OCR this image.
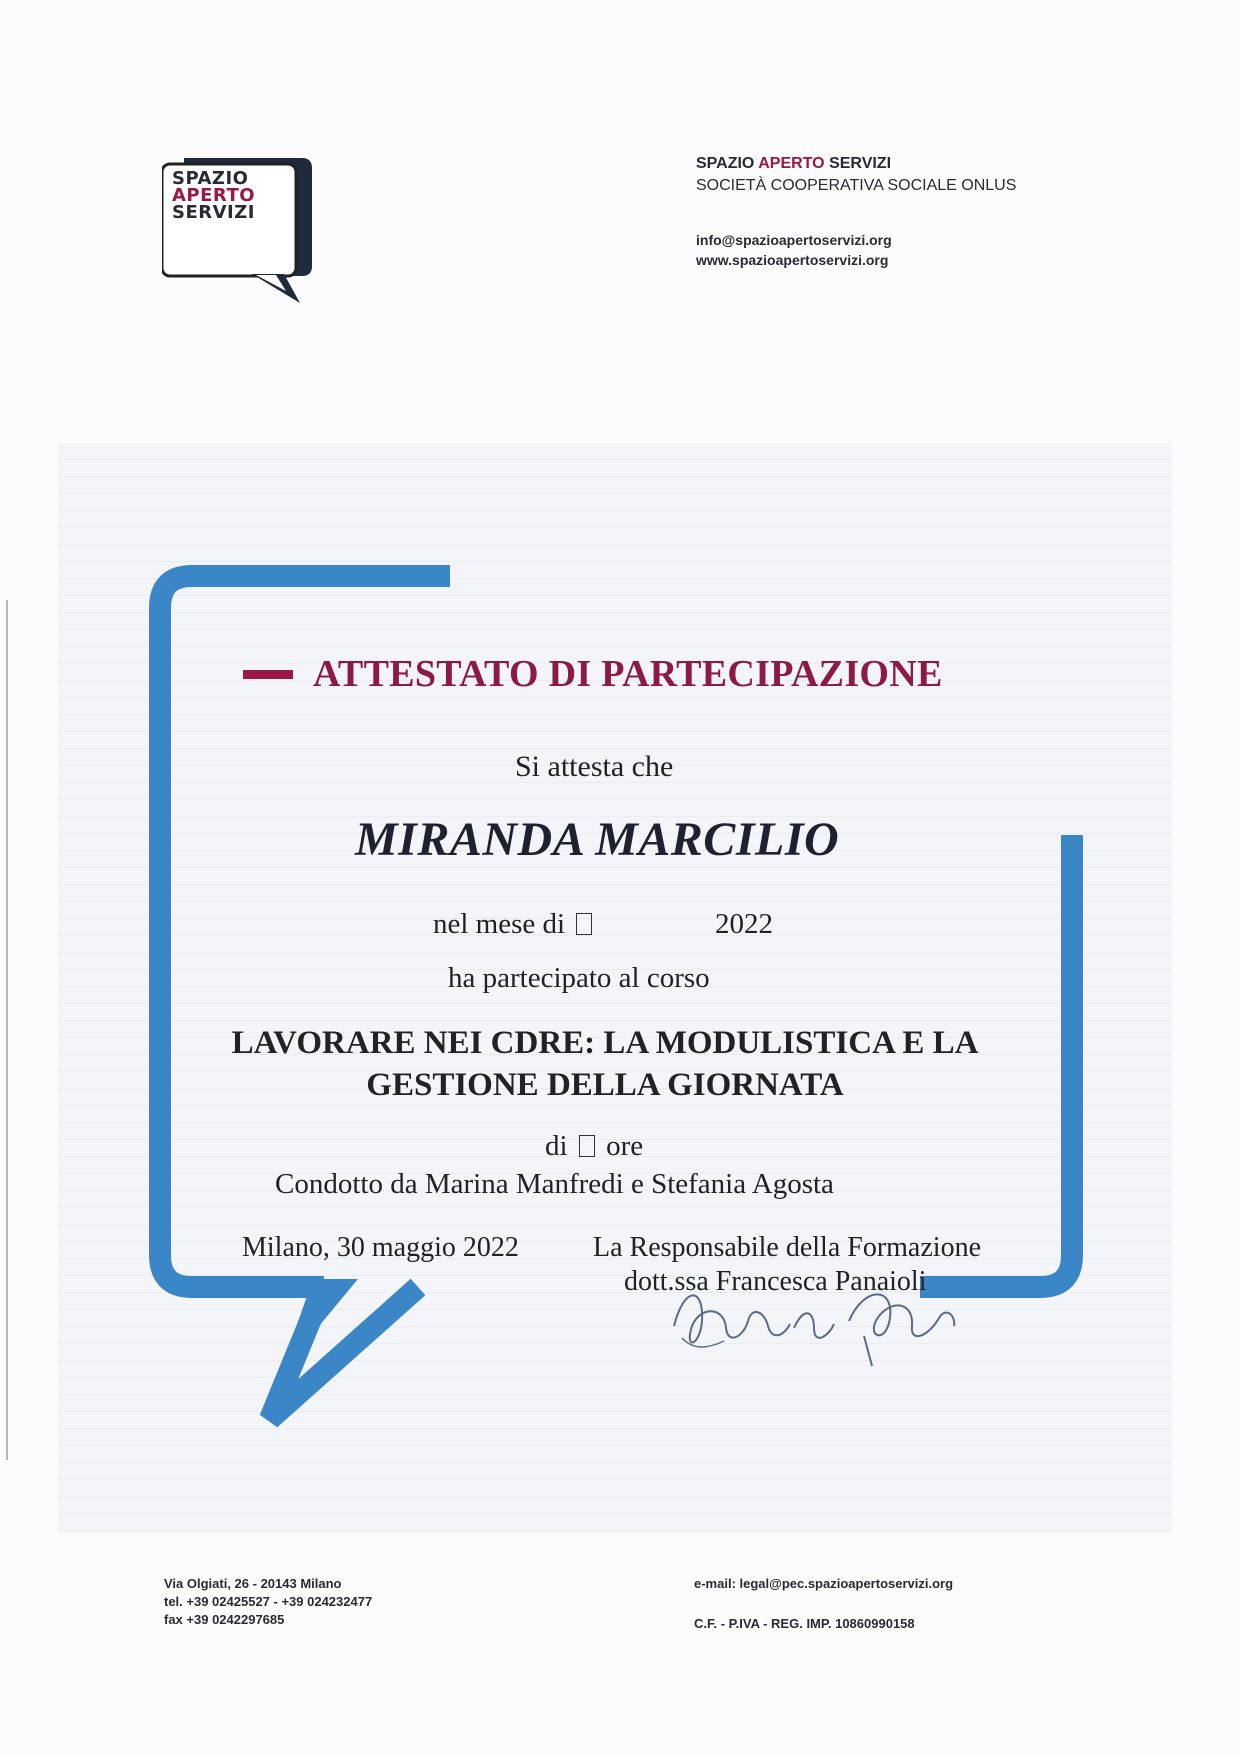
SPAZIO
APERTO
SERVIZI
SPAZIO APERTO SERVIZI
SOCIETÀ COOPERATIVA SOCIALE ONLUS
info@spazioapertoservizi.org
www.spazioapertoservizi.org
ATTESTATO DI PARTECIPAZIONE
Si attesta che
MIRANDA MARCILIO
nel mese di	2022
ha partecipato al corso
LAVORARE NEI CDRE: LA MODULISTICA E LA GESTIONE DELLA GIORNATA
di ore
Condotto da Marina Manfredi e Stefania Agosta
Milano, 30 maggio 2022	La Responsabile della Formazione
dott.ssa Francesca Panaioli
Via Olgiati, 26 - 20143 Milano
tel. +39 02425527 - +39 024232477
fax +39 0242297685
e-mail: legal@pec.spazioapertoservizi.org
C.F. - P.IVA - REG. IMP. 10860990158
